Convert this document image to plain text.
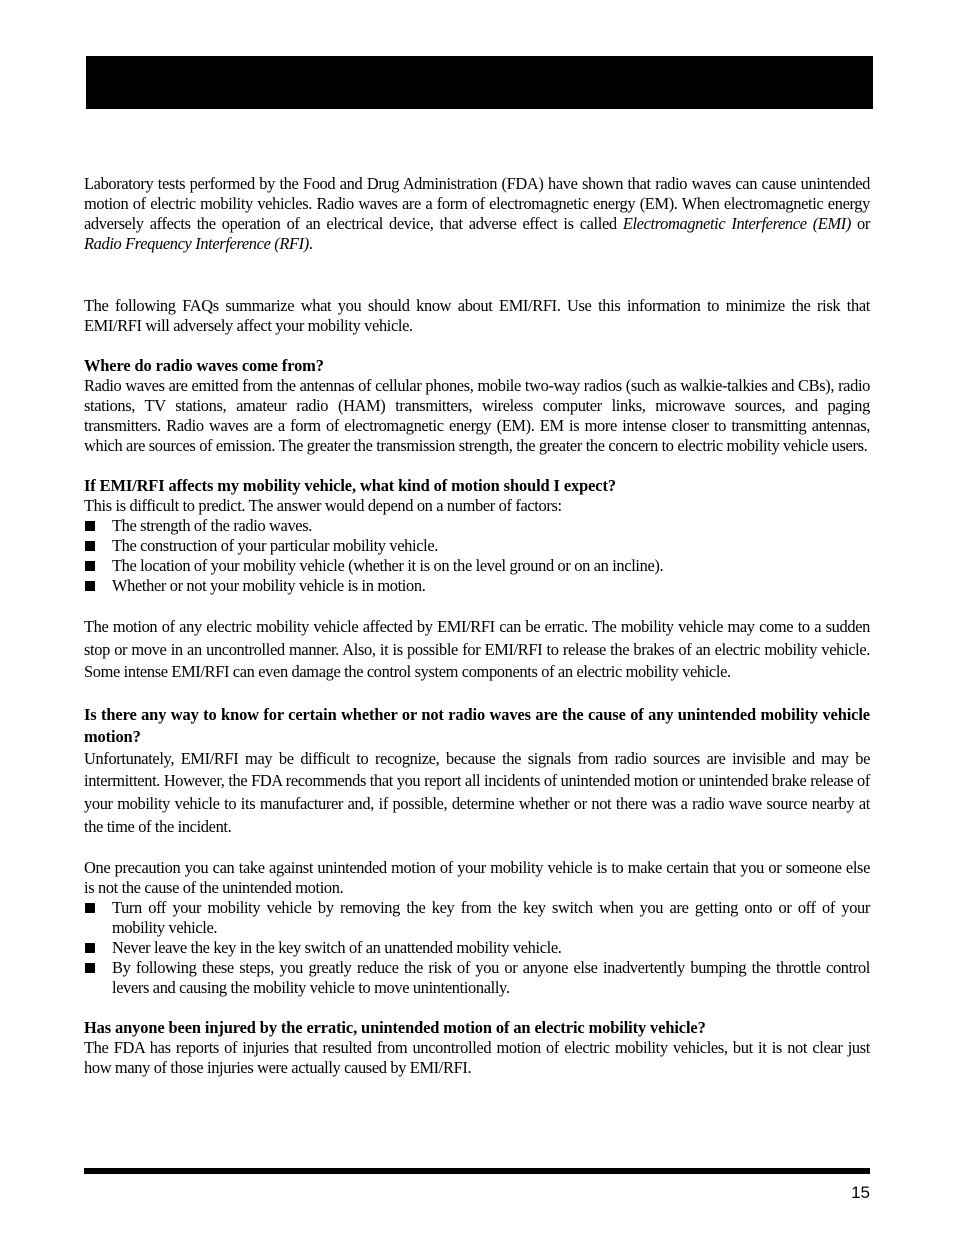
Laboratory tests performed by the Food and Drug Administration (FDA) have shown that radio waves can cause unintended motion of electric mobility vehicles. Radio waves are a form of electromagnetic energy (EM). When electromagnetic energy adversely affects the operation of an electrical device, that adverse effect is called Electromagnetic Interference (EMI) or Radio Frequency Interference (RFI).

The following FAQs summarize what you should know about EMI/RFI. Use this information to minimize the risk that EMI/RFI will adversely affect your mobility vehicle.

Where do radio waves come from?

Radio waves are emitted from the antennas of cellular phones, mobile two-way radios (such as walkie-talkies and CBs), radio stations, TV stations, amateur radio (HAM) transmitters, wireless computer links, microwave sources, and paging transmitters. Radio waves are a form of electromagnetic energy (EM). EM is more intense closer to transmitting antennas, which are sources of emission. The greater the transmission strength, the greater the concern to electric mobility vehicle users.

If EMI/RFI affects my mobility vehicle, what kind of motion should I expect?

This is difficult to predict. The answer would depend on a number of factors:

The strength of the radio waves.
The construction of your particular mobility vehicle.
The location of your mobility vehicle (whether it is on the level ground or on an incline).
Whether or not your mobility vehicle is in motion.

The motion of any electric mobility vehicle affected by EMI/RFI can be erratic. The mobility vehicle may come to a sudden stop or move in an uncontrolled manner. Also, it is possible for EMI/RFI to release the brakes of an electric mobility vehicle. Some intense EMI/RFI can even damage the control system components of an electric mobility vehicle.

Is there any way to know for certain whether or not radio waves are the cause of any unintended mobility vehicle motion?

Unfortunately, EMI/RFI may be difficult to recognize, because the signals from radio sources are invisible and may be intermittent. However, the FDA recommends that you report all incidents of unintended motion or unintended brake release of your mobility vehicle to its manufacturer and, if possible, determine whether or not there was a radio wave source nearby at the time of the incident.

One precaution you can take against unintended motion of your mobility vehicle is to make certain that you or someone else is not the cause of the unintended motion.

Turn off your mobility vehicle by removing the key from the key switch when you are getting onto or off of your mobility vehicle.
Never leave the key in the key switch of an unattended mobility vehicle.
By following these steps, you greatly reduce the risk of you or anyone else inadvertently bumping the throttle control levers and causing the mobility vehicle to move unintentionally.

Has anyone been injured by the erratic, unintended motion of an electric mobility vehicle?

The FDA has reports of injuries that resulted from uncontrolled motion of electric mobility vehicles, but it is not clear just how many of those injuries were actually caused by EMI/RFI.

15
